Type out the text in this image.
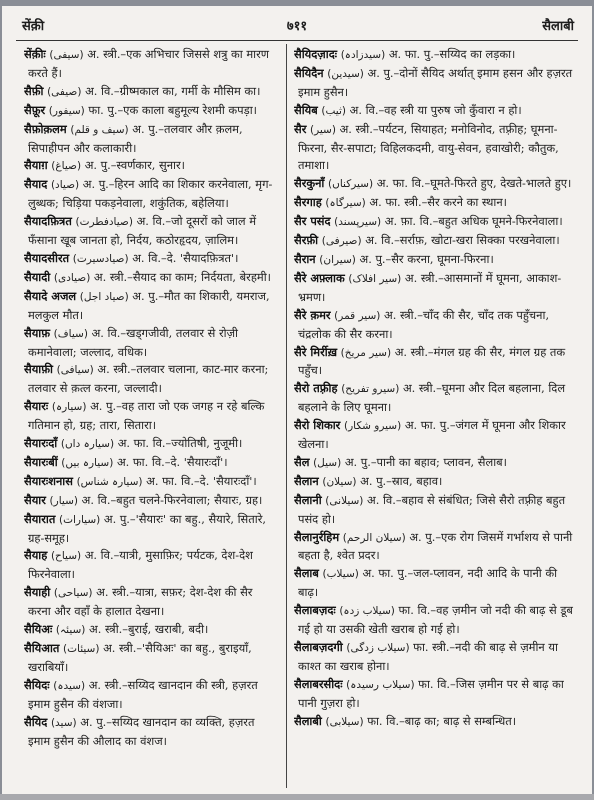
सेंक़ी	७११	सैलाबी

सेंक़ीः (سیفی) अ. स्त्री.–एक अभिचार जिससे शत्रु का मारण करते हैं।

सैफ़ी (صیفی) अ. वि.–ग्रीष्मकाल का, गर्मी के मौसिम का।

सैफ़ूर (سیفور) फा. पु.–एक काला बहुमूल्य रेशमी कपड़ा।

सैफ़ोक़लम (سیف و قلم) अ. पु.–तलवार और क़लम, सिपाहीपन और कलाकारी।

सैयाग़ (صیاغ) अ. पु.–स्वर्णकार, सुनार।

सैयाद (صیاد) अ. पु.–हिरन आदि का शिकार करनेवाला, मृग-लुब्धक; चिड़िया पकड़नेवाला, शकुंतिक, बहेलिया।

सैयादफ़ित्रत (صیادفطرت) अ. वि.–जो दूसरों को जाल में फँसाना खूब जानता हो, निर्दय, कठोरहृदय, ज़ालिम।

सैयादसीरत (صیادسیرت) अ. वि.–दे. 'सैयादफ़ित्रत'।

सैयादी (صیادی) अ. स्त्री.–सैयाद का काम; निर्दयता, बेरहमी।

सैयादे अजल (صیاد اجل) अ. पु.–मौत का शिकारी, यमराज, मलकुल मौत।

सैयाफ़ (سیاف) अ. वि.–खड्गजीवी, तलवार से रोज़ी कमानेवाला; जल्लाद, वधिक।

सैयाफ़ी (سیافی) अ. स्त्री.–तलवार चलाना, काट-मार करना; तलवार से क़त्ल करना, जल्लादी।

सैयारः (سیارہ) अ. पु.–वह तारा जो एक जगह न रहे बल्कि गतिमान हो, ग्रह; तारा, सितारा।

सैयारःदाँ (سیارہ داں) अ. फा. वि.–ज्योतिषी, नुजूमी।

सैयारःबीं (سیارہ بیں) अ. फा. वि.–दे. 'सैयारःदाँ'।

सैयारःशनास (سیارہ شناس) अ. फा. वि.–दे. 'सैयारःदाँ'।

सैयार (سیار) अ. वि.–बहुत चलने-फिरनेवाला; सैयारः, ग्रह।

सैयारात (سیارات) अ. पु.–'सैयारः' का बहु., सैयारे, सितारे, ग्रह-समूह।

सैयाह (سیاح) अ. वि.–यात्री, मुसाफ़िर; पर्यटक, देश-देश फिरनेवाला।

सैयाही (سیاحی) अ. स्त्री.–यात्रा, सफ़र; देश-देश की सैर करना और वहाँ के हालात देखना।

सैयिअः (سیئہ) अ. स्त्री.–बुराई, खराबी, बदी।

सैयिआत (سیئات) अ. स्त्री.–'सैयिअः' का बहु., बुराइयाँ, खराबियाँ।

सैयिदः (سیدہ) अ. स्त्री.–सय्यिद खानदान की स्त्री, हज़रत इमाम हुसैन की वंशजा।

सैयिद (سید) अ. पु.–सय्यिद खानदान का व्यक्ति, हज़रत इमाम हुसैन की औलाद का वंशज।

सैयिदज़ादः (سیدزادہ) अ. फा. पु.–सय्यिद का लड़का।

सैयिदैन (سیدین) अ. पु.–दोनों सैयिद अर्थात् इमाम हसन और हज़रत इमाम हुसैन।

सैयिब (ثیب) अ. वि.–वह स्त्री या पुरुष जो कुँवारा न हो।

सैर (سیر) अ. स्त्री.–पर्यटन, सियाहत; मनोविनोद, तफ़्रीह; घूमना-फिरना, सैर-सपाटा; विहिलकदमी, वायु-सेवन, हवाखोरी; कौतुक, तमाशा।

सैरकुनाँ (سیرکناں) अ. फा. वि.–घूमते-फिरते हुए, देखते-भालते हुए।

सैरगाह (سیرگاہ) अ. फा. स्त्री.–सैर करने का स्थान।

सैर पसंद (سیرپسند) अ. फ़ा. वि.–बहुत अधिक घूमने-फिरनेवाला।

सैरफ़ी (صیرفی) अ. वि.–सर्राफ़, खोटा-खरा सिक्का परखनेवाला।

सैरान (سیران) अ. पु.–सैर करना, घूमना-फिरना।

सैरे अफ़्लाक (سیر افلاک) अ. स्त्री.–आसमानों में घूमना, आकाश-भ्रमण।

सैरे क़मर (سیر قمر) अ. स्त्री.–चाँद की सैर, चाँद तक पहुँचना, चंद्रलोक की सैर करना।

सैरे मिर्रीख़ (سیر مریخ) अ. स्त्री.–मंगल ग्रह की सैर, मंगल ग्रह तक पहुँच।

सैरो तफ़्रीह (سیرو تفریح) अ. स्त्री.–घूमना और दिल बहलाना, दिल बहलाने के लिए घूमना।

सैरो शिकार (سیرو شکار) अ. फा. पु.–जंगल में घूमना और शिकार खेलना।

सैल (سیل) अ. पु.–पानी का बहाव; प्लावन, सैलाब।

सैलान (سیلان) अ. पु.–स्राव, बहाव।

सैलानी (سیلانی) अ. वि.–बहाव से संबंधित; जिसे सैरो तफ़्रीह बहुत पसंद हो।

सैलानुर्रहिम (سیلان الرحم) अ. पु.–एक रोग जिसमें गर्भाशय से पानी बहता है, श्वेत प्रदर।

सैलाब (سیلاب) अ. फा. पु.–जल-प्लावन, नदी आदि के पानी की बाढ़।

सैलाबज़दः (سیلاب زدہ) फा. वि.–वह ज़मीन जो नदी की बाढ़ से डूब गई हो या उसकी खेती खराब हो गई हो।

सैलाबज़दगी (سیلاب زدگی) फा. स्त्री.–नदी की बाढ़ से ज़मीन या काश्त का खराब होना।

सैलाबरसीदः (سیلاب رسیدہ) फा. वि.–जिस ज़मीन पर से बाढ़ का पानी गुज़रा हो।

सैलाबी (سیلابی) फा. वि.–बाढ़ का; बाढ़ से सम्बन्धित।
